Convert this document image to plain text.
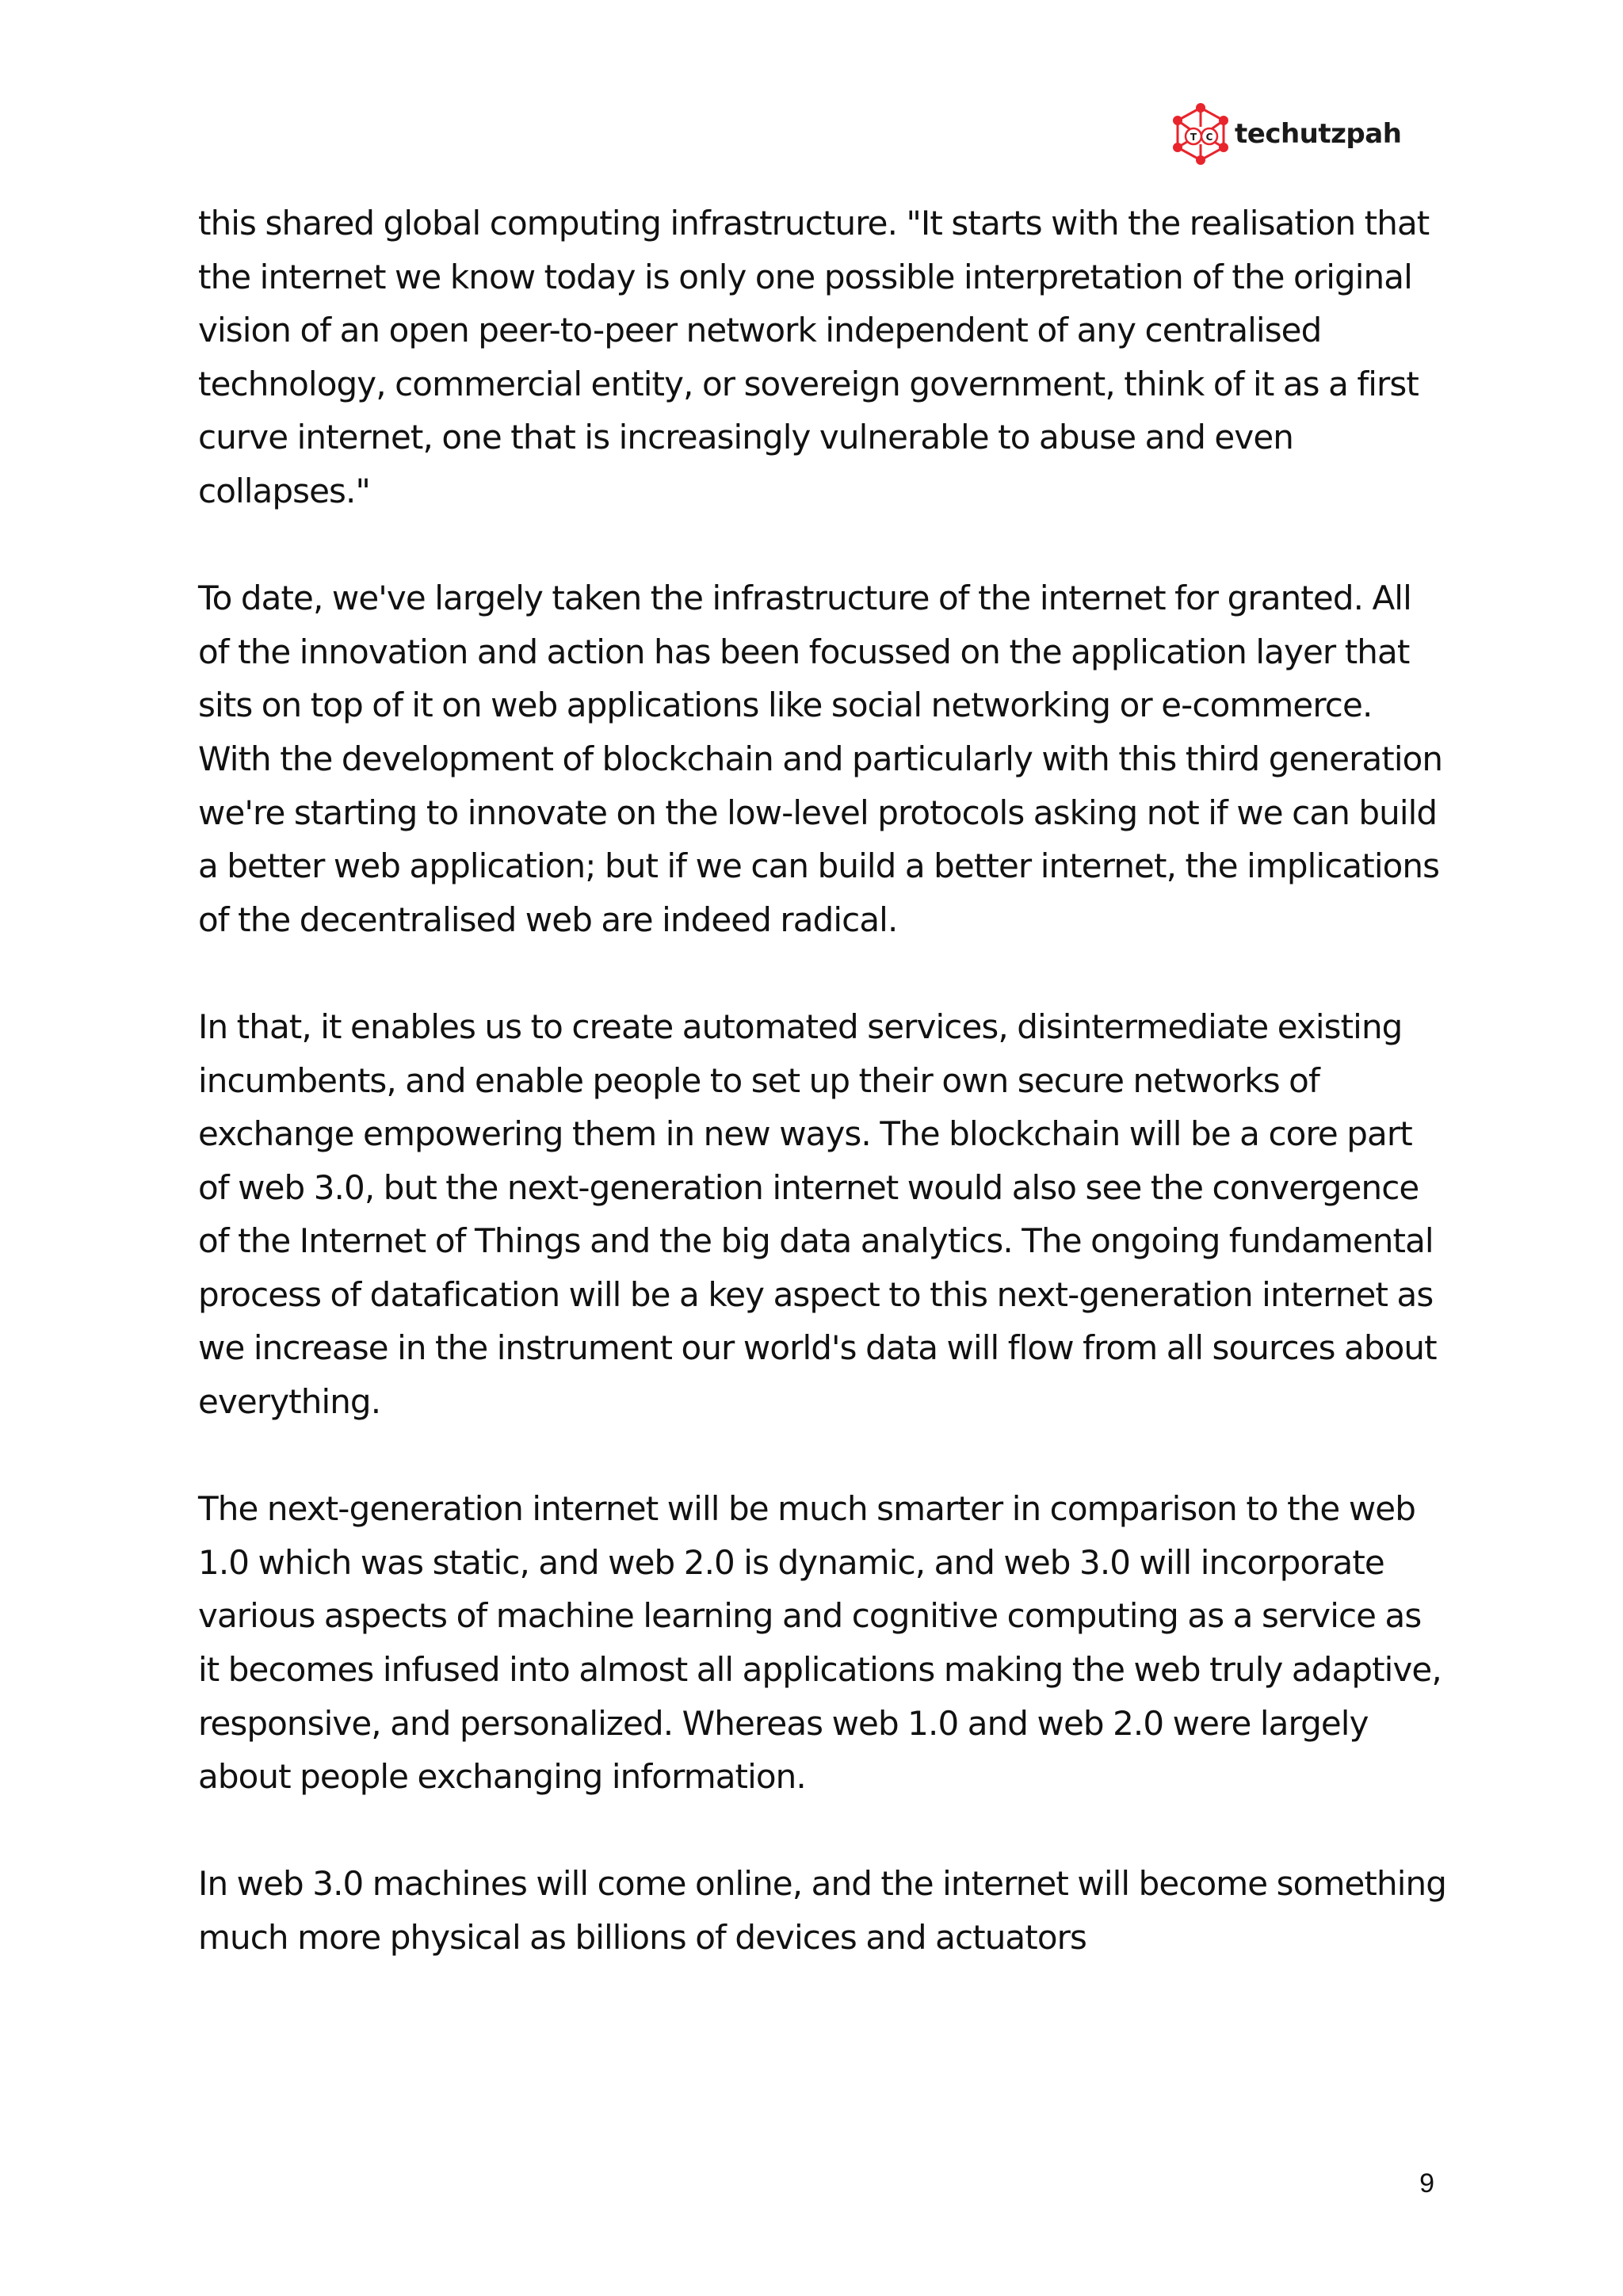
T C techutzpah

this shared global computing infrastructure. "It starts with the realisation that the internet we know today is only one possible interpretation of the original vision of an open peer-to-peer network independent of any centralised technology, commercial entity, or sovereign government, think of it as a first curve internet, one that is increasingly vulnerable to abuse and even collapses."

To date, we've largely taken the infrastructure of the internet for granted. All of the innovation and action has been focussed on the application layer that sits on top of it on web applications like social networking or e-commerce. With the development of blockchain and particularly with this third generation we're starting to innovate on the low-level protocols asking not if we can build a better web application; but if we can build a better internet, the implications of the decentralised web are indeed radical.

In that, it enables us to create automated services, disintermediate existing incumbents, and enable people to set up their own secure networks of exchange empowering them in new ways. The blockchain will be a core part of web 3.0, but the next-generation internet would also see the convergence of the Internet of Things and the big data analytics. The ongoing fundamental process of datafication will be a key aspect to this next-generation internet as we increase in the instrument our world's data will flow from all sources about everything.

The next-generation internet will be much smarter in comparison to the web 1.0 which was static, and web 2.0 is dynamic, and web 3.0 will incorporate various aspects of machine learning and cognitive computing as a service as it becomes infused into almost all applications making the web truly adaptive, responsive, and personalized. Whereas web 1.0 and web 2.0 were largely about people exchanging information.

In web 3.0 machines will come online, and the internet will become something much more physical as billions of devices and actuators

9
